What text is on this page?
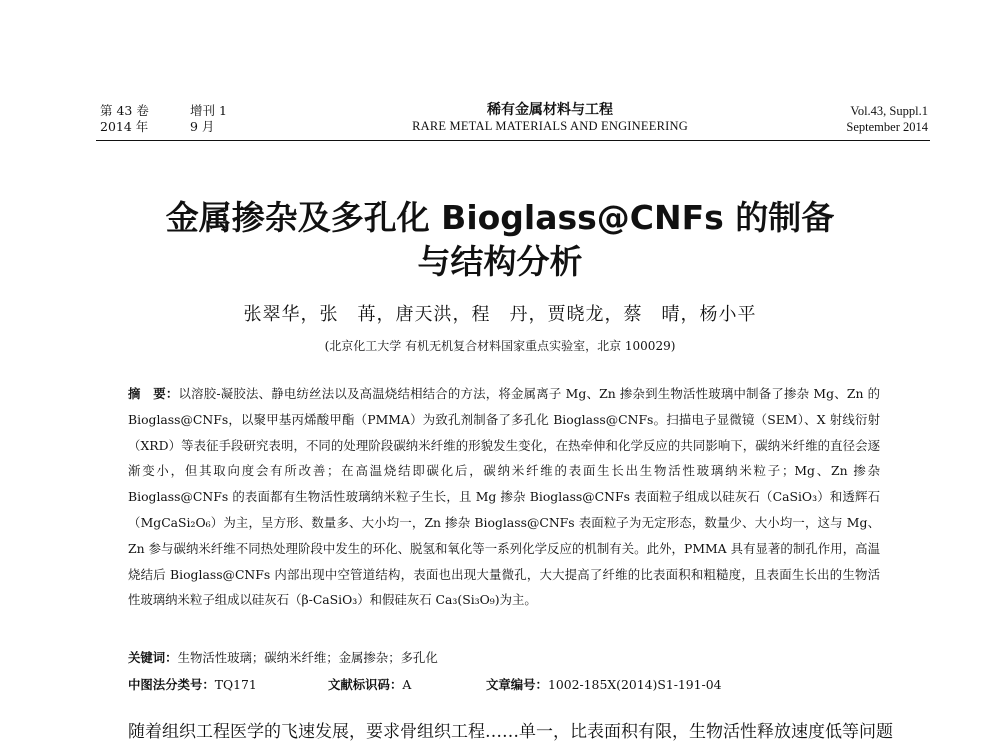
第 43 卷	增刊 1
2014 年	9 月
稀有金属材料与工程
RARE METAL MATERIALS AND ENGINEERING
Vol.43, Suppl.1
September 2014
金属掺杂及多孔化 Bioglass@CNFs 的制备
与结构分析
张翠华，张　苒，唐天洪，程　丹，贾晓龙，蔡　晴，杨小平
(北京化工大学 有机无机复合材料国家重点实验室，北京 100029)
摘　要：以溶胶-凝胶法、静电纺丝法以及高温烧结相结合的方法，将金属离子 Mg、Zn 掺杂到生物活性玻璃中制备了掺杂 Mg、Zn 的 Bioglass@CNFs，以聚甲基丙烯酸甲酯（PMMA）为致孔剂制备了多孔化 Bioglass@CNFs。扫描电子显微镜（SEM）、X 射线衍射（XRD）等表征手段研究表明，不同的处理阶段碳纳米纤维的形貌发生变化，在热牵伸和化学反应的共同影响下，碳纳米纤维的直径会逐渐变小，但其取向度会有所改善；在高温烧结即碳化后，碳纳米纤维的表面生长出生物活性玻璃纳米粒子；Mg、Zn 掺杂 Bioglass@CNFs 的表面都有生物活性玻璃纳米粒子生长，且 Mg 掺杂 Bioglass@CNFs 表面粒子组成以硅灰石（CaSiO₃）和透辉石（MgCaSi₂O₆）为主，呈方形、数量多、大小均一，Zn 掺杂 Bioglass@CNFs 表面粒子为无定形态，数量少、大小均一，这与 Mg、Zn 参与碳纳米纤维不同热处理阶段中发生的环化、脱氢和氧化等一系列化学反应的机制有关。此外，PMMA 具有显著的制孔作用，高温烧结后 Bioglass@CNFs 内部出现中空管道结构，表面也出现大量微孔，大大提高了纤维的比表面积和粗糙度，且表面生长出的生物活性玻璃纳米粒子组成以硅灰石（β-CaSiO₃）和假硅灰石 Ca₃(Si₃O₉)为主。
关键词：生物活性玻璃；碳纳米纤维；金属掺杂；多孔化
中图法分类号：TQ171	文献标识码：A	文章编号：1002-185X(2014)S1-191-04
随着组织工程医学的飞速发展，要求骨组织工程……单一，比表面积有限，生物活性释放速度低等问题
